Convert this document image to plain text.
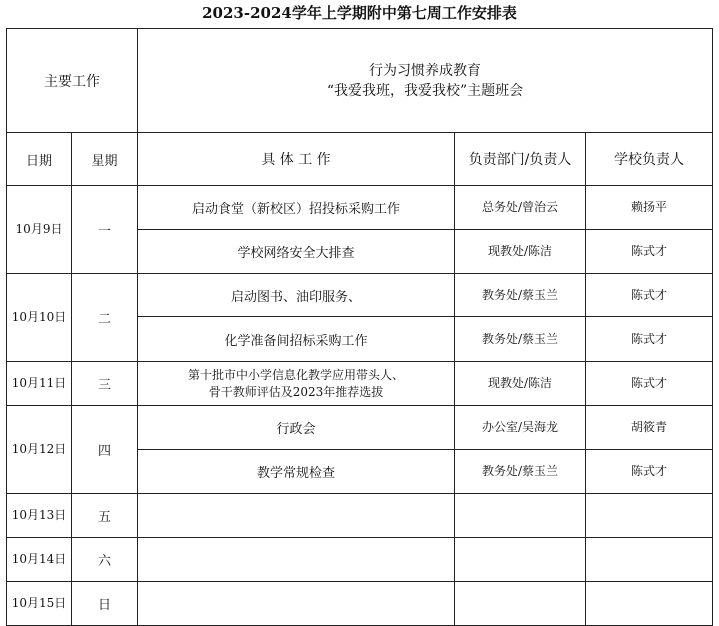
2023-2024学年上学期附中第七周工作安排表
主要工作		行为习惯养成教育
“我爱我班，我爱我校”主题班会		

日期	星期	具 体 工 作	负责部门/负责人	学校负责人
10月9日	一	启动食堂（新校区）招投标采购工作	总务处/曾治云	赖扬平
		学校网络安全大排查	现教处/陈洁	陈式才
10月10日	二	启动图书、油印服务、	教务处/蔡玉兰	陈式才
		化学准备间招标采购工作	教务处/蔡玉兰	陈式才
10月11日	三	第十批市中小学信息化教学应用带头人、
骨干教师评估及2023年推荐选拔	现教处/陈洁	陈式才
10月12日	四	行政会	办公室/吴海龙	胡筱青
		教学常规检查	教务处/蔡玉兰	陈式才
10月13日	五			
10月14日	六			
10月15日	日			
